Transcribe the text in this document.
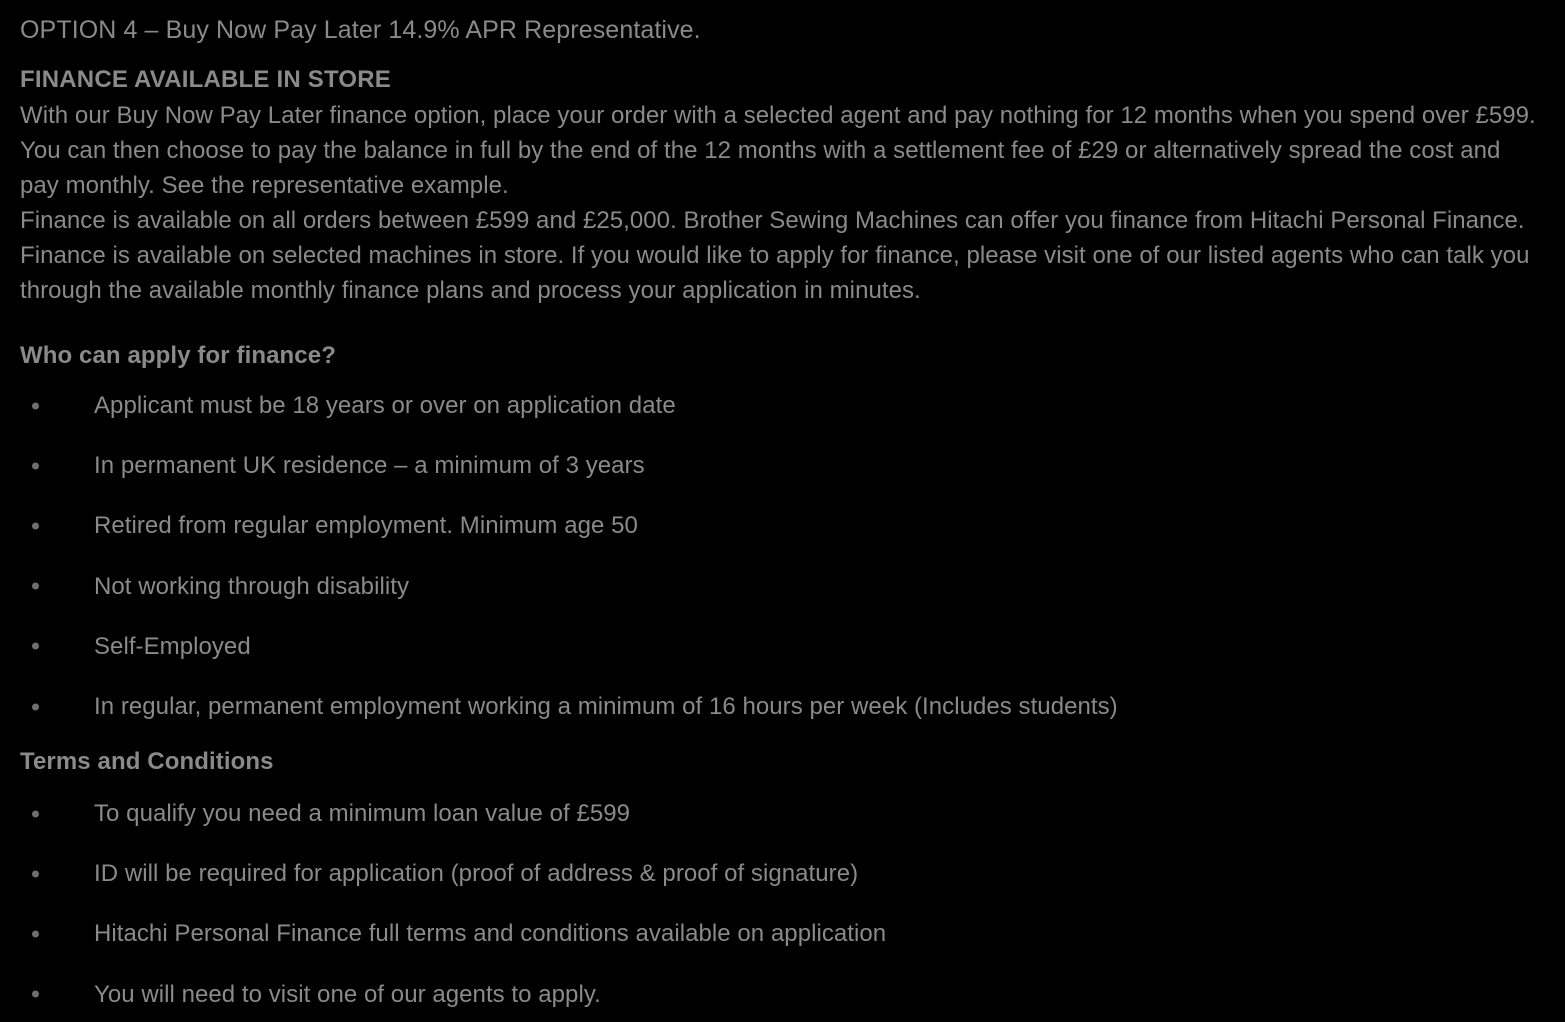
OPTION 4 – Buy Now Pay Later 14.9% APR Representative.

FINANCE AVAILABLE IN STORE

With our Buy Now Pay Later finance option, place your order with a selected agent and pay nothing for 12 months when you spend over £599. You can then choose to pay the balance in full by the end of the 12 months with a settlement fee of £29 or alternatively spread the cost and pay monthly. See the representative example.

Finance is available on all orders between £599 and £25,000. Brother Sewing Machines can offer you finance from Hitachi Personal Finance. Finance is available on selected machines in store. If you would like to apply for finance, please visit one of our listed agents who can talk you through the available monthly finance plans and process your application in minutes.

Who can apply for finance?

Applicant must be 18 years or over on application date
In permanent UK residence – a minimum of 3 years
Retired from regular employment. Minimum age 50
Not working through disability
Self-Employed
In regular, permanent employment working a minimum of 16 hours per week (Includes students)

Terms and Conditions

To qualify you need a minimum loan value of £599
ID will be required for application (proof of address & proof of signature)
Hitachi Personal Finance full terms and conditions available on application
You will need to visit one of our agents to apply.
